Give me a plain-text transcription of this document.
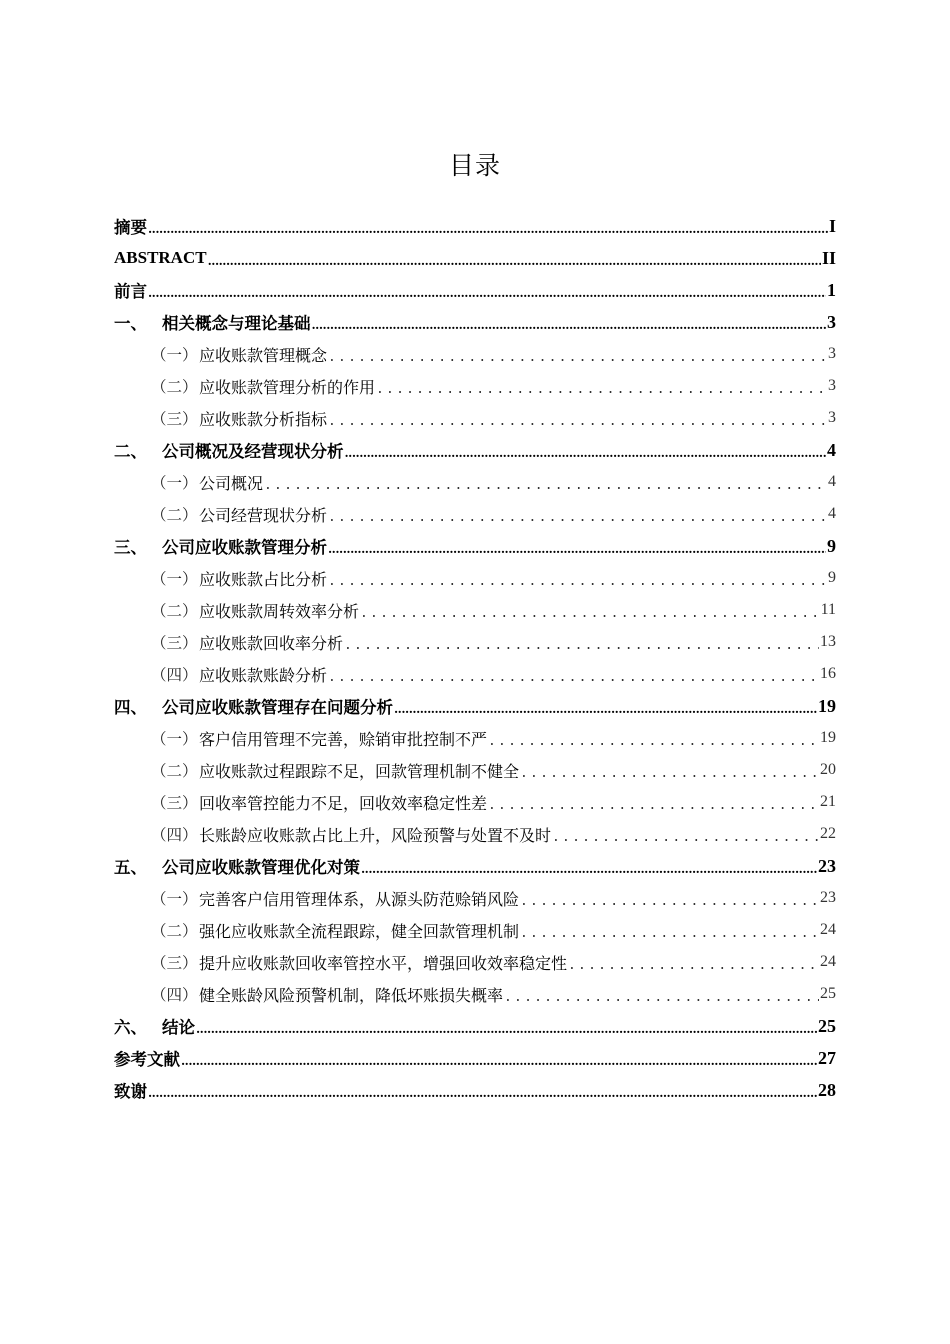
目录
摘要 .....	I
ABSTRACT .....	II
前言 .....	1
一、 相关概念与理论基础 .....	3
（一） 应收账款管理概念 .....	3
（二） 应收账款管理分析的作用 .....	3
（三） 应收账款分析指标 .....	3
二、 公司概况及经营现状分析 .....	4
（一） 公司概况 .....	4
（二） 公司经营现状分析 .....	4
三、 公司应收账款管理分析 .....	9
（一） 应收账款占比分析 .....	9
（二） 应收账款周转效率分析 .....	11
（三） 应收账款回收率分析 .....	13
（四） 应收账款账龄分析 .....	16
四、 公司应收账款管理存在问题分析 .....	19
（一） 客户信用管理不完善，赊销审批控制不严 .....	19
（二） 应收账款过程跟踪不足，回款管理机制不健全 .....	20
（三） 回收率管控能力不足，回收效率稳定性差 .....	21
（四） 长账龄应收账款占比上升，风险预警与处置不及时 .....	22
五、 公司应收账款管理优化对策 .....	23
（一） 完善客户信用管理体系，从源头防范赊销风险 .....	23
（二） 强化应收账款全流程跟踪，健全回款管理机制 .....	24
（三） 提升应收账款回收率管控水平，增强回收效率稳定性 .....	24
（四） 健全账龄风险预警机制，降低坏账损失概率 .....	25
六、 结论 .....	25
参考文献 .....	27
致谢 .....	28
